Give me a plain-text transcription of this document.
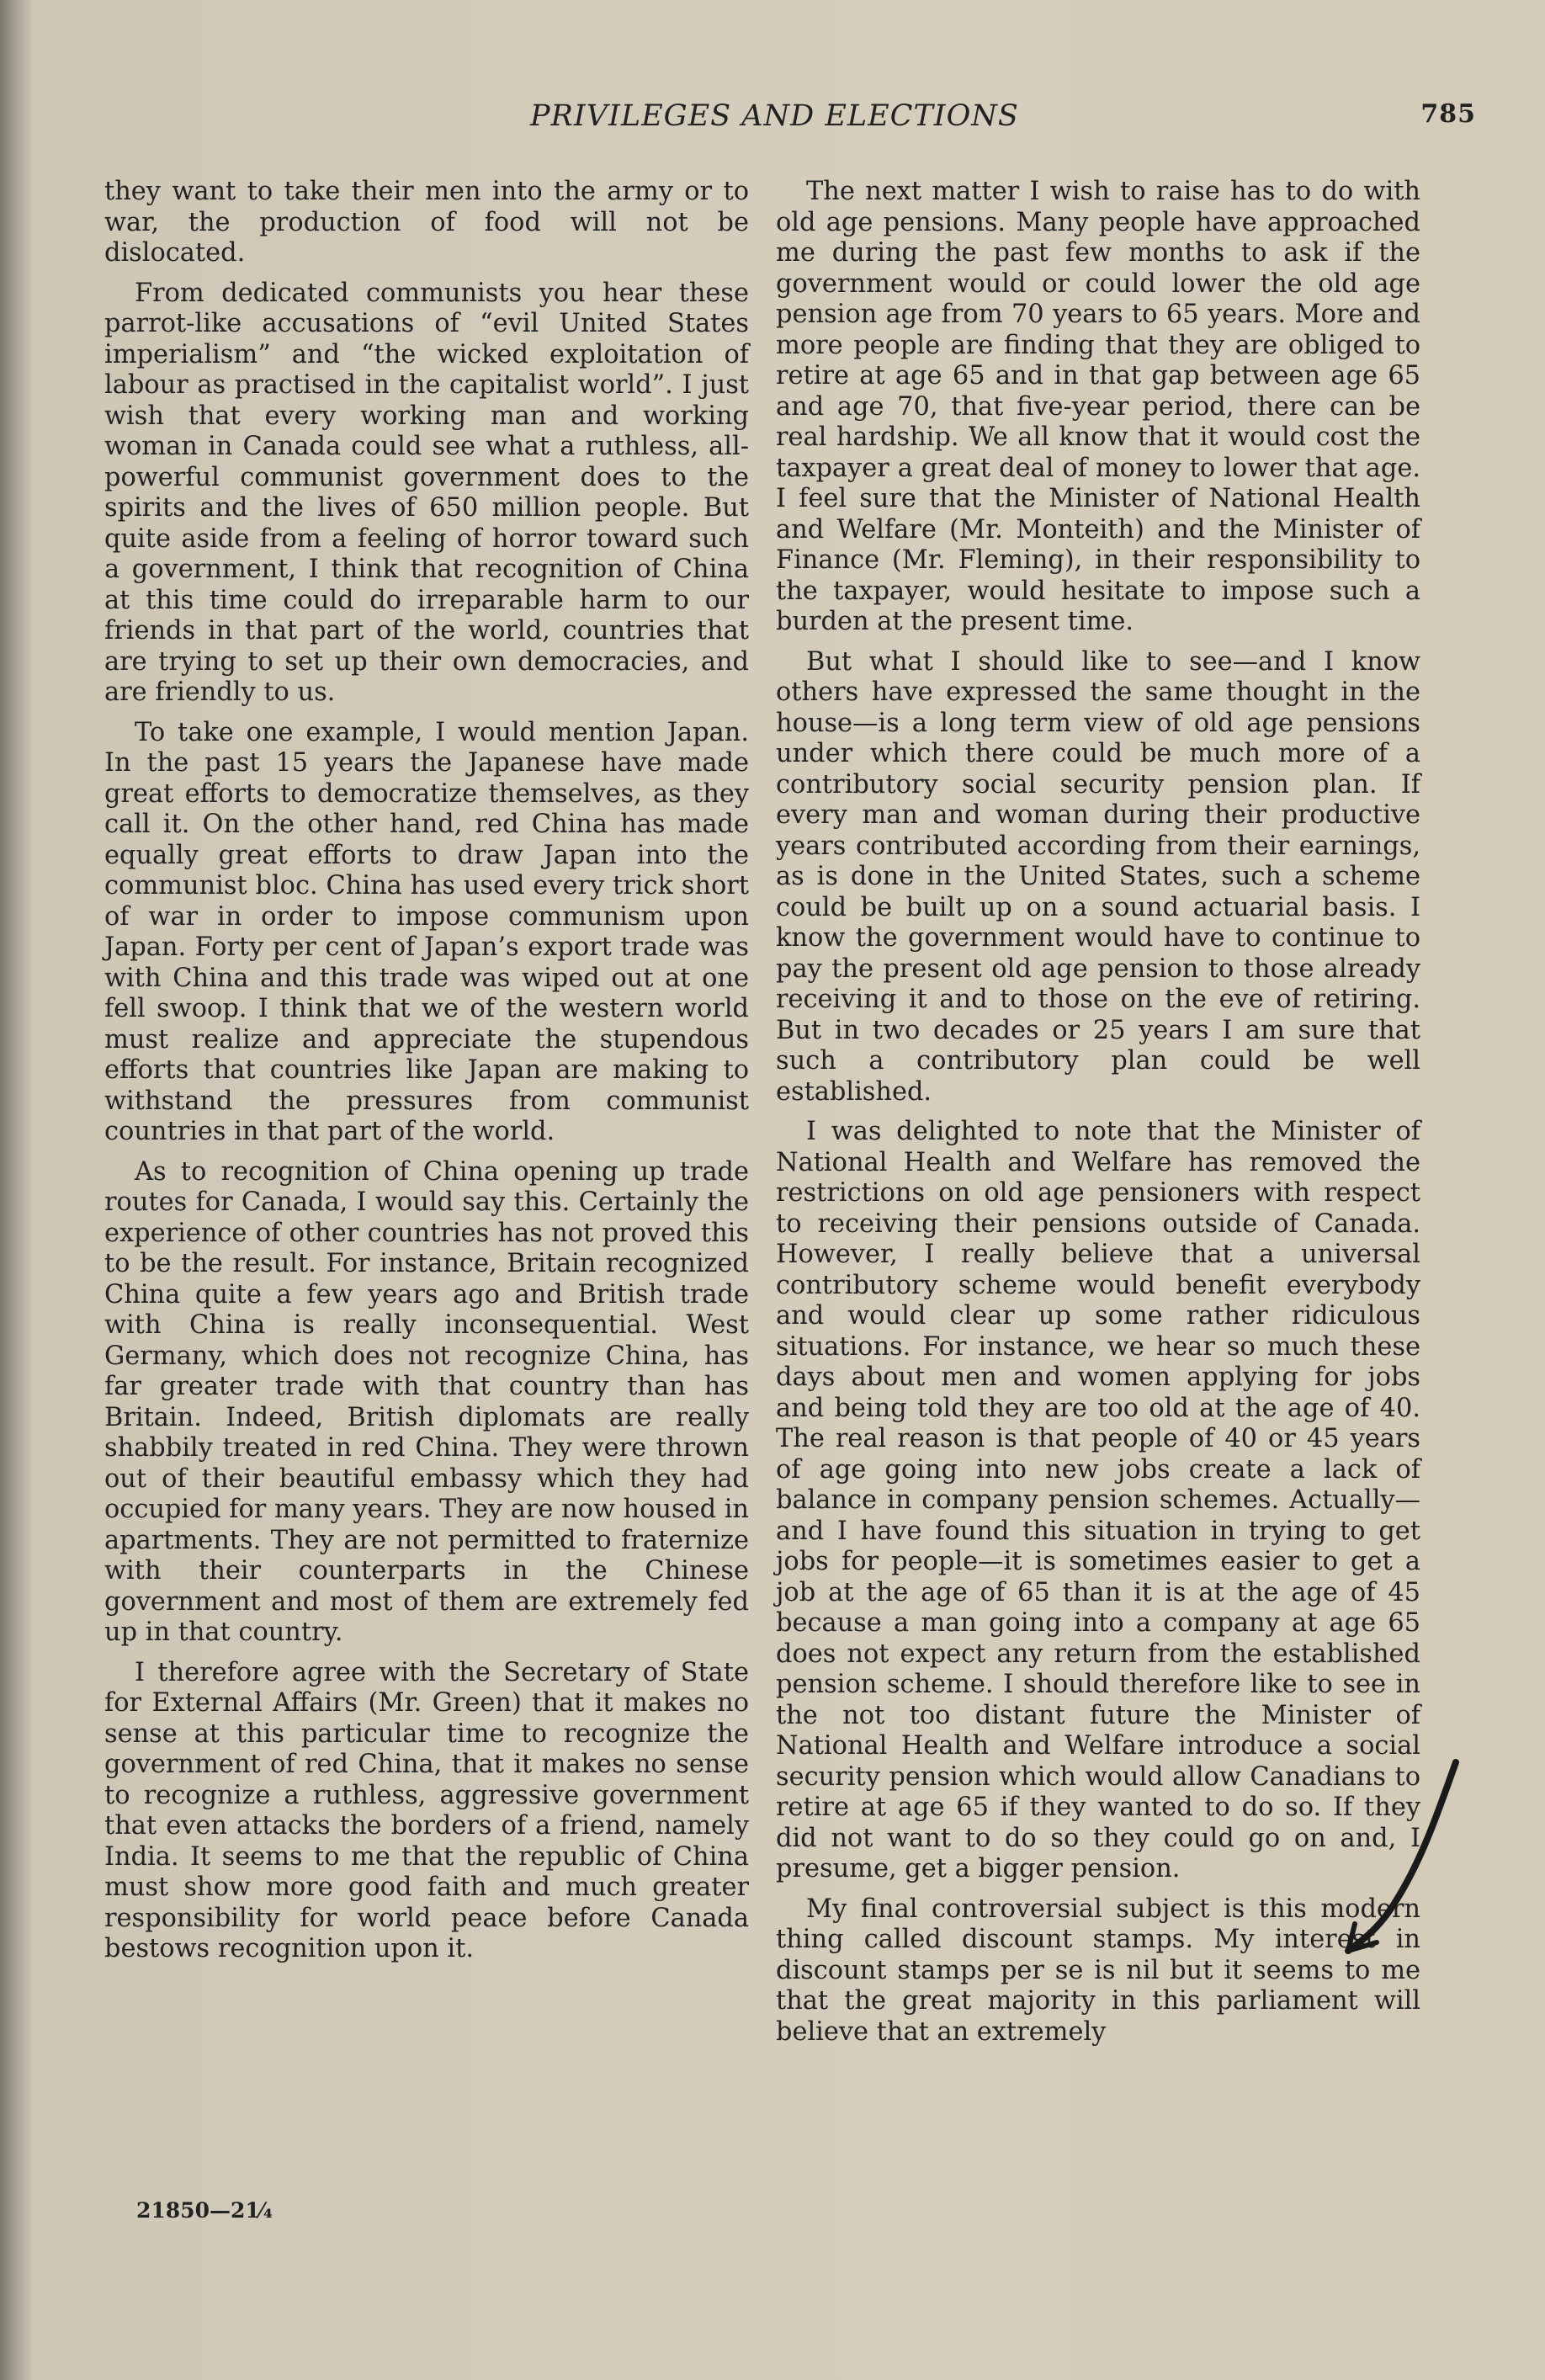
PRIVILEGES AND ELECTIONS	785

they want to take their men into the army or to war, the production of food will not be dislocated.

From dedicated communists you hear these parrot-like accusations of “evil United States imperialism” and “the wicked exploitation of labour as practised in the capitalist world”. I just wish that every working man and working woman in Canada could see what a ruthless, all-powerful communist government does to the spirits and the lives of 650 million people. But quite aside from a feeling of horror toward such a government, I think that recognition of China at this time could do irreparable harm to our friends in that part of the world, countries that are trying to set up their own democracies, and are friendly to us.

To take one example, I would mention Japan. In the past 15 years the Japanese have made great efforts to democratize themselves, as they call it. On the other hand, red China has made equally great efforts to draw Japan into the communist bloc. China has used every trick short of war in order to impose communism upon Japan. Forty per cent of Japan’s export trade was with China and this trade was wiped out at one fell swoop. I think that we of the western world must realize and appreciate the stupendous efforts that countries like Japan are making to withstand the pressures from communist countries in that part of the world.

As to recognition of China opening up trade routes for Canada, I would say this. Certainly the experience of other countries has not proved this to be the result. For instance, Britain recognized China quite a few years ago and British trade with China is really inconsequential. West Germany, which does not recognize China, has far greater trade with that country than has Britain. Indeed, British diplomats are really shabbily treated in red China. They were thrown out of their beautiful embassy which they had occupied for many years. They are now housed in apartments. They are not permitted to fraternize with their counterparts in the Chinese government and most of them are extremely fed up in that country.

I therefore agree with the Secretary of State for External Affairs (Mr. Green) that it makes no sense at this particular time to recognize the government of red China, that it makes no sense to recognize a ruthless, aggressive government that even attacks the borders of a friend, namely India. It seems to me that the republic of China must show more good faith and much greater responsibility for world peace before Canada bestows recognition upon it.

The next matter I wish to raise has to do with old age pensions. Many people have approached me during the past few months to ask if the government would or could lower the old age pension age from 70 years to 65 years. More and more people are finding that they are obliged to retire at age 65 and in that gap between age 65 and age 70, that five-year period, there can be real hardship. We all know that it would cost the taxpayer a great deal of money to lower that age. I feel sure that the Minister of National Health and Welfare (Mr. Monteith) and the Minister of Finance (Mr. Fleming), in their responsibility to the taxpayer, would hesitate to impose such a burden at the present time.

But what I should like to see—and I know others have expressed the same thought in the house—is a long term view of old age pensions under which there could be much more of a contributory social security pension plan. If every man and woman during their productive years contributed according from their earnings, as is done in the United States, such a scheme could be built up on a sound actuarial basis. I know the government would have to continue to pay the present old age pension to those already receiving it and to those on the eve of retiring. But in two decades or 25 years I am sure that such a contributory plan could be well established.

I was delighted to note that the Minister of National Health and Welfare has removed the restrictions on old age pensioners with respect to receiving their pensions outside of Canada. However, I really believe that a universal contributory scheme would benefit everybody and would clear up some rather ridiculous situations. For instance, we hear so much these days about men and women applying for jobs and being told they are too old at the age of 40. The real reason is that people of 40 or 45 years of age going into new jobs create a lack of balance in company pension schemes. Actually—and I have found this situation in trying to get jobs for people—it is sometimes easier to get a job at the age of 65 than it is at the age of 45 because a man going into a company at age 65 does not expect any return from the established pension scheme. I should therefore like to see in the not too distant future the Minister of National Health and Welfare introduce a social security pension which would allow Canadians to retire at age 65 if they wanted to do so. If they did not want to do so they could go on and, I presume, get a bigger pension.

My final controversial subject is this modern thing called discount stamps. My interest in discount stamps per se is nil but it seems to me that the great majority in this parliament will believe that an extremely

21850—21⁄₄
